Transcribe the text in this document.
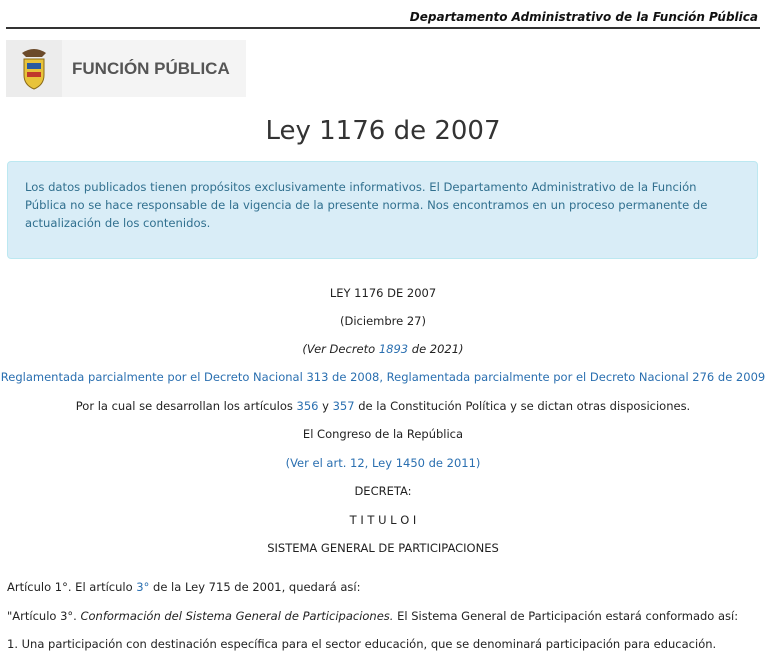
Departamento Administrativo de la Función Pública
FUNCIÓN PÚBLICA
Ley 1176 de 2007
Los datos publicados tienen propósitos exclusivamente informativos. El Departamento Administrativo de la Función Pública no se hace responsable de la vigencia de la presente norma. Nos encontramos en un proceso permanente de actualización de los contenidos.
LEY 1176 DE 2007
(Diciembre 27)
(Ver Decreto 1893 de 2021)
Reglamentada parcialmente por el Decreto Nacional 313 de 2008, Reglamentada parcialmente por el Decreto Nacional 276 de 2009
Por la cual se desarrollan los artículos 356 y 357 de la Constitución Política y se dictan otras disposiciones.
El Congreso de la República
(Ver el art. 12, Ley 1450 de 2011)
DECRETA:
T I T U L O I
SISTEMA GENERAL DE PARTICIPACIONES
Artículo 1°. El artículo 3° de la Ley 715 de 2001, quedará así:
"Artículo 3°. Conformación del Sistema General de Participaciones. El Sistema General de Participación estará conformado así:
1. Una participación con destinación específica para el sector educación, que se denominará participación para educación.
